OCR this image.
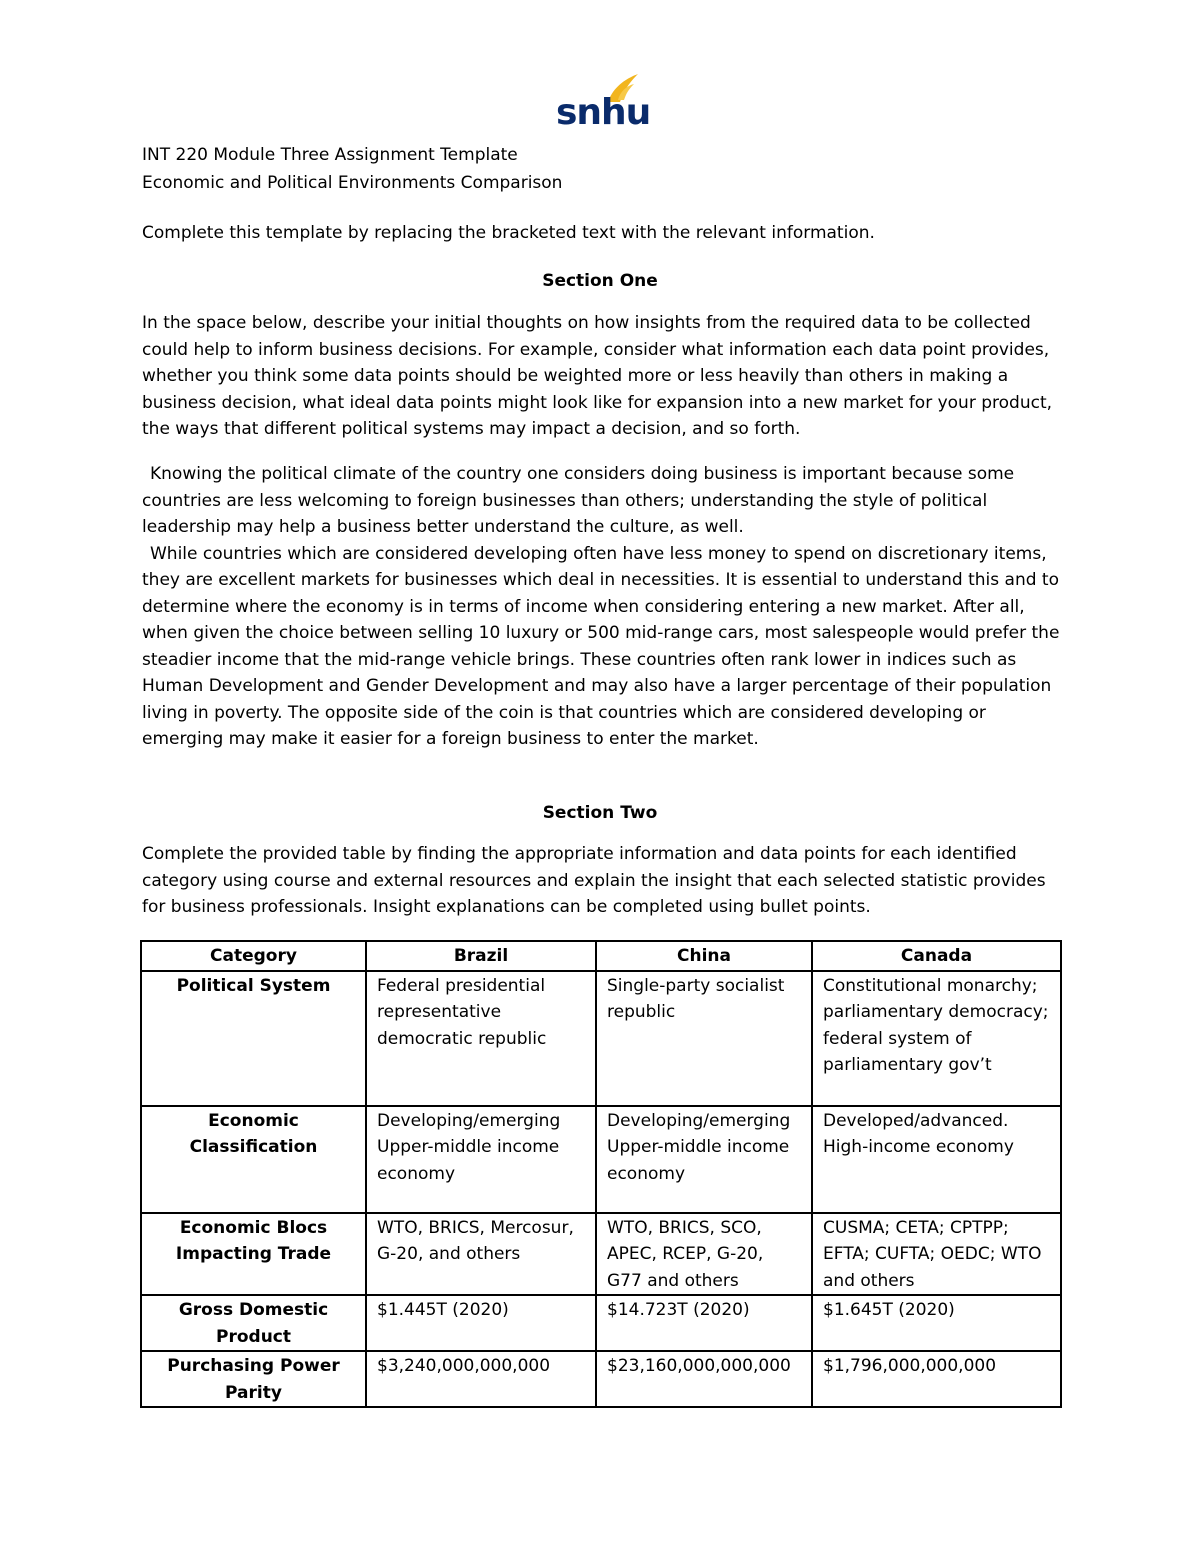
snhu
INT 220 Module Three Assignment Template
Economic and Political Environments Comparison
Complete this template by replacing the bracketed text with the relevant information.
Section One

In the space below, describe your initial thoughts on how insights from the required data to be collected could help to inform business decisions. For example, consider what information each data point provides, whether you think some data points should be weighted more or less heavily than others in making a business decision, what ideal data points might look like for expansion into a new market for your product, the ways that different political systems may impact a decision, and so forth.

Knowing the political climate of the country one considers doing business is important because some countries are less welcoming to foreign businesses than others; understanding the style of political leadership may help a business better understand the culture, as well.

While countries which are considered developing often have less money to spend on discretionary items, they are excellent markets for businesses which deal in necessities. It is essential to understand this and to determine where the economy is in terms of income when considering entering a new market. After all, when given the choice between selling 10 luxury or 500 mid-range cars, most salespeople would prefer the steadier income that the mid-range vehicle brings. These countries often rank lower in indices such as Human Development and Gender Development and may also have a larger percentage of their population living in poverty. The opposite side of the coin is that countries which are considered developing or emerging may make it easier for a foreign business to enter the market.

Section Two

Complete the provided table by finding the appropriate information and data points for each identified category using course and external resources and explain the insight that each selected statistic provides for business professionals. Insight explanations can be completed using bullet points.

Category	Brazil	China	Canada
Political System	Federal presidential representative democratic republic	Single-party socialist republic	Constitutional monarchy; parliamentary democracy; federal system of parliamentary gov’t
Economic Classification	Developing/emerging Upper-middle income economy	Developing/emerging Upper-middle income economy	Developed/advanced. High-income economy
Economic Blocs Impacting Trade	WTO, BRICS, Mercosur, G-20, and others	WTO, BRICS, SCO, APEC, RCEP, G-20, G77 and others	CUSMA; CETA; CPTPP; EFTA; CUFTA; OEDC; WTO and others
Gross Domestic Product	$1.445T (2020)	$14.723T (2020)	$1.645T (2020)
Purchasing Power Parity	$3,240,000,000,000	$23,160,000,000,000	$1,796,000,000,000
